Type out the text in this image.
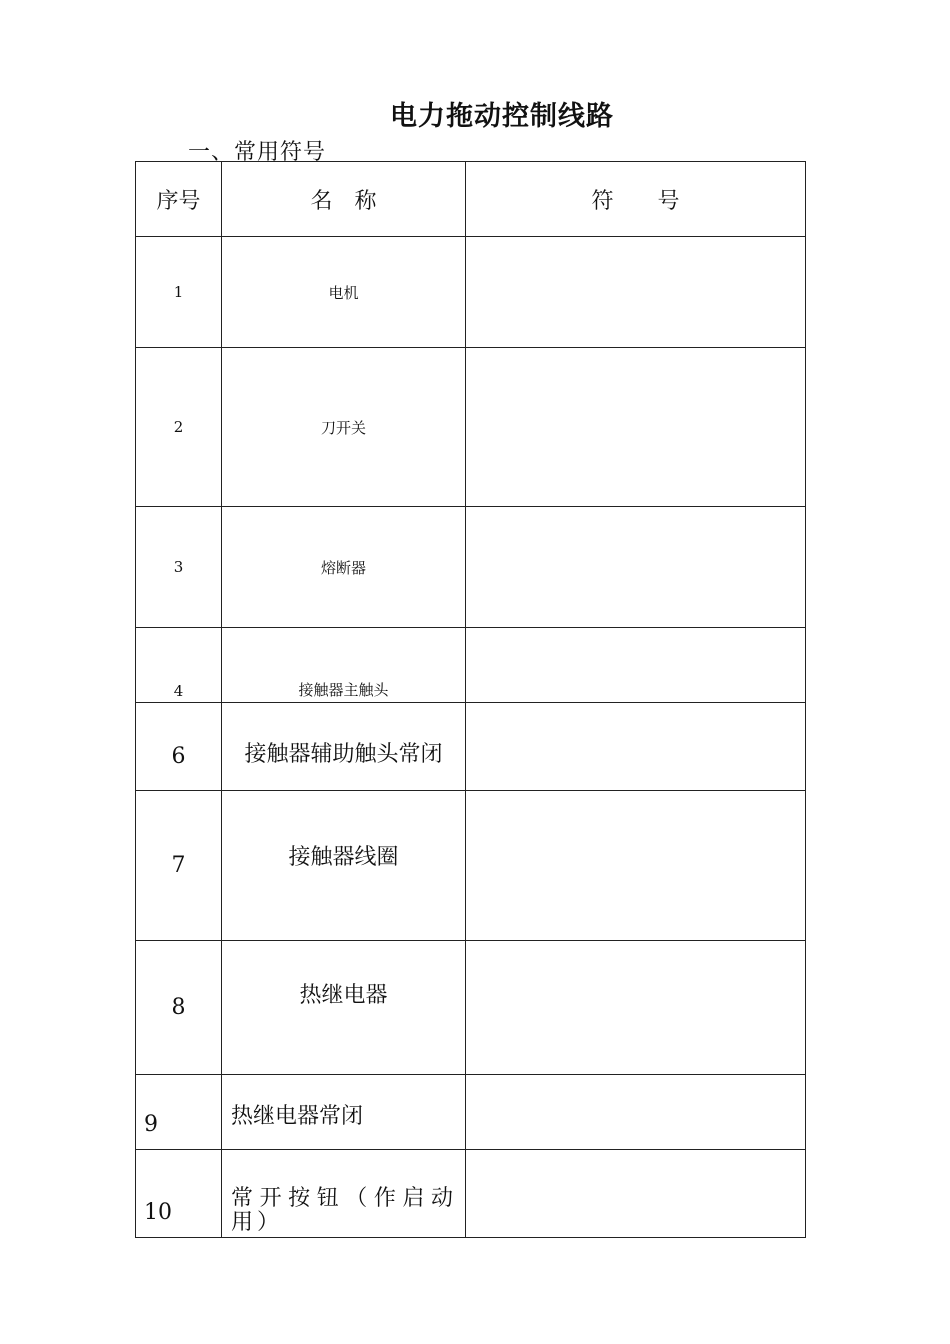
电力拖动控制线路
一、常用符号
序号	名　称	符　　号
1	电机	
2	刀开关	
3	熔断器	

4	接触器主触头	

6	接触器辅助触头常闭	

7	接触器线圈	

8	热继电器	

9	热继电器常闭	

10	常开按钮（作启动用）	
